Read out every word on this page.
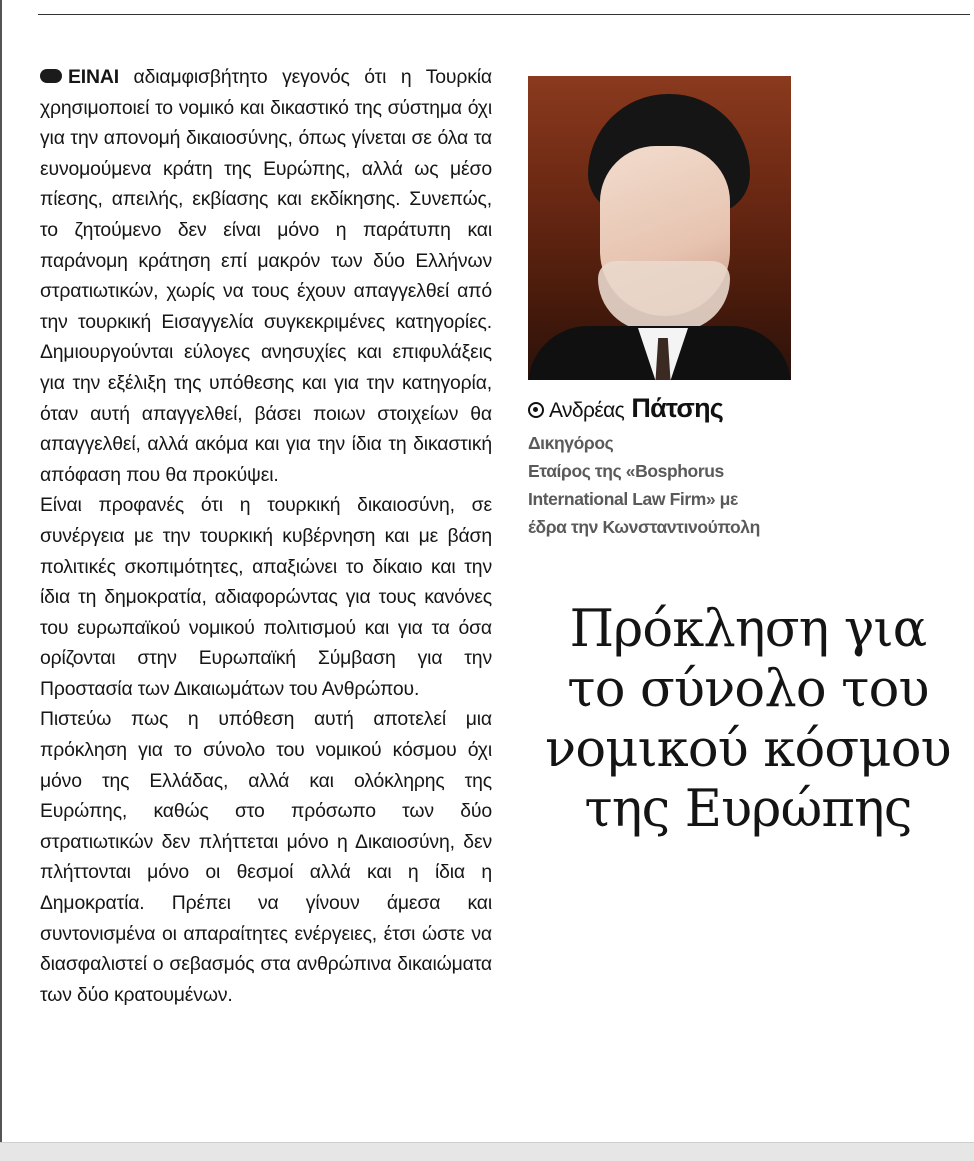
ΕΙΝΑΙ αδιαμφισβήτητο γεγονός ότι η Τουρκία χρησιμοποιεί το νομικό και δικαστικό της σύστημα όχι για την απονομή δικαιοσύνης, όπως γίνεται σε όλα τα ευνομούμενα κράτη της Ευρώπης, αλλά ως μέσο πίεσης, απειλής, εκβίασης και εκδίκησης. Συνεπώς, το ζητούμενο δεν είναι μόνο η παράτυπη και παράνομη κράτηση επί μακρόν των δύο Ελλήνων στρατιωτικών, χωρίς να τους έχουν απαγγελθεί από την τουρκική Εισαγγελία συγκεκριμένες κατηγορίες. Δημιουργούνται εύλογες ανησυχίες και επιφυλάξεις για την εξέλιξη της υπόθεσης και για την κατηγορία, όταν αυτή απαγγελθεί, βάσει ποιων στοιχείων θα απαγγελθεί, αλλά ακόμα και για την ίδια τη δικαστική απόφαση που θα προκύψει.

Είναι προφανές ότι η τουρκική δικαιοσύνη, σε συνέργεια με την τουρκική κυβέρνηση και με βάση πολιτικές σκοπιμότητες, απαξιώνει το δίκαιο και την ίδια τη δημοκρατία, αδιαφορώντας για τους κανόνες του ευρωπαϊκού νομικού πολιτισμού και για τα όσα ορίζονται στην Ευρωπαϊκή Σύμβαση για την Προστασία των Δικαιωμάτων του Ανθρώπου.

Πιστεύω πως η υπόθεση αυτή αποτελεί μια πρόκληση για το σύνολο του νομικού κόσμου όχι μόνο της Ελλάδας, αλλά και ολόκληρης της Ευρώπης, καθώς στο πρόσωπο των δύο στρατιωτικών δεν πλήττεται μόνο η Δικαιοσύνη, δεν πλήττονται μόνο οι θεσμοί αλλά και η ίδια η Δημοκρατία. Πρέπει να γίνουν άμεσα και συντονισμένα οι απαραίτητες ενέργειες, έτσι ώστε να διασφαλιστεί ο σεβασμός στα ανθρώπινα δικαιώματα των δύο κρατουμένων.

Ανδρέας Πάτσης
Δικηγόρος
Εταίρος της «Bosphorus
International Law Firm» με
έδρα την Κωνσταντινούπολη
Πρόκληση για
το σύνολο του
νομικού κόσμου
της Ευρώπης
